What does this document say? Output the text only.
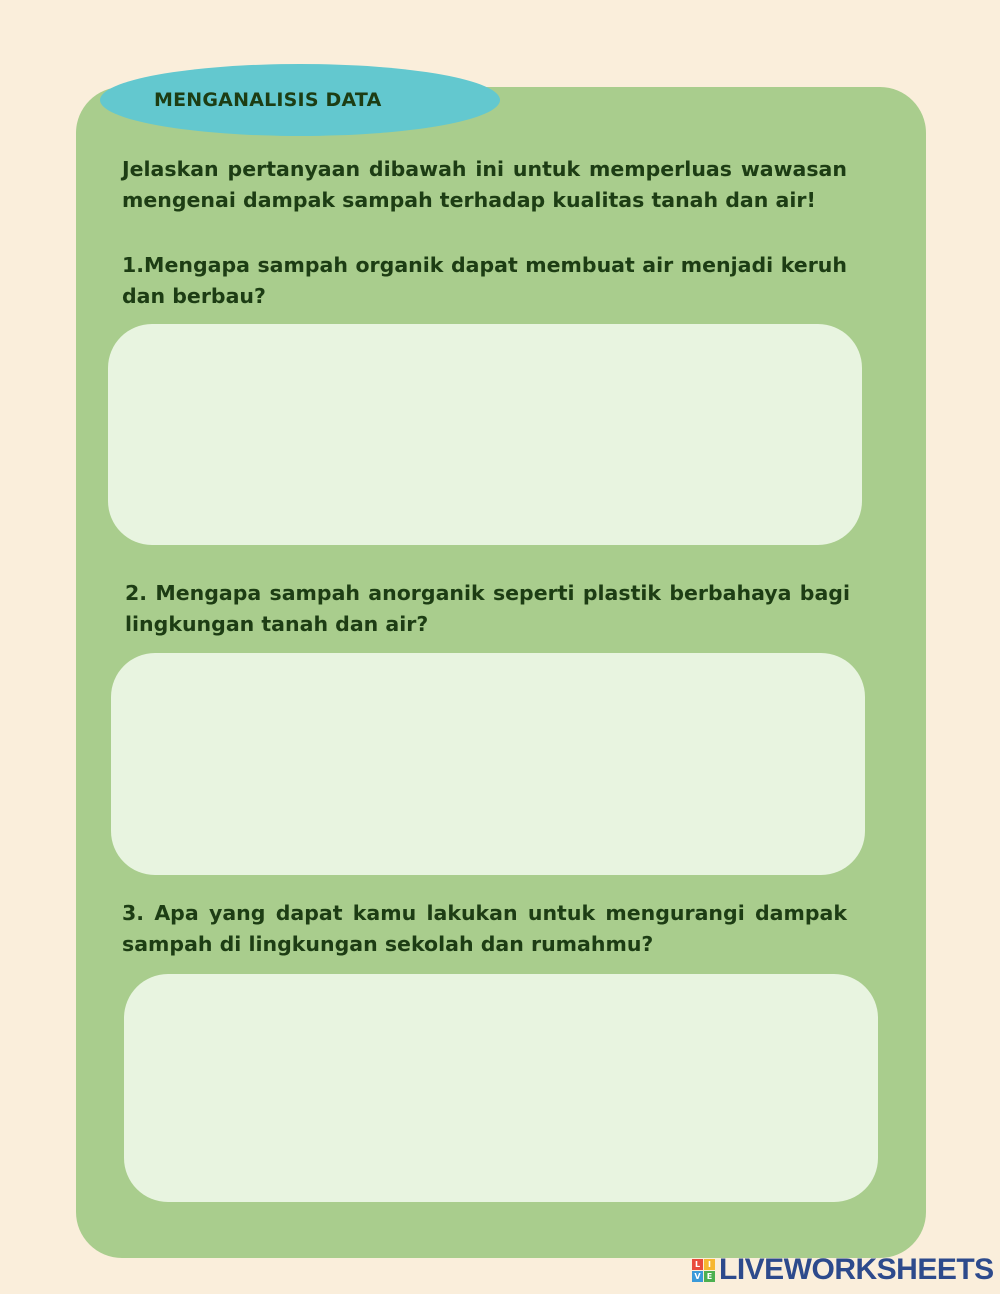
MENGANALISIS DATA

Jelaskan pertanyaan dibawah ini untuk memperluas wawasan mengenai dampak sampah terhadap kualitas tanah dan air!

1.Mengapa sampah organik dapat membuat air menjadi keruh dan berbau?

2. Mengapa sampah anorganik seperti plastik berbahaya bagi lingkungan tanah dan air?

3. Apa yang dapat kamu lakukan untuk mengurangi dampak sampah di lingkungan sekolah dan rumahmu?

L I
V E LIVEWORKSHEETS
